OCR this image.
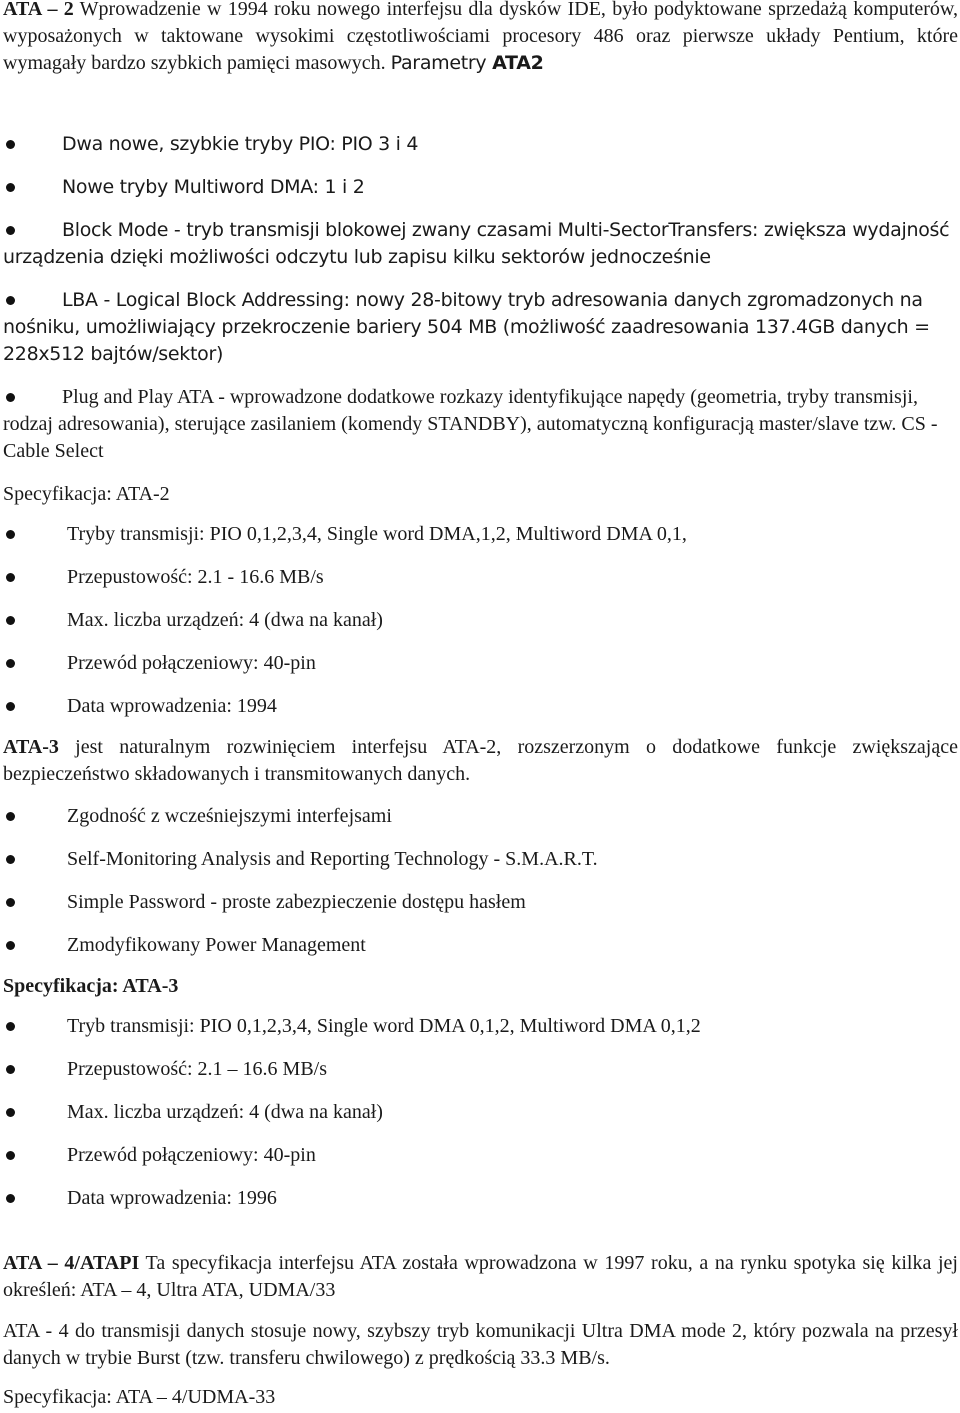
ATA – 2 Wprowadzenie w 1994 roku nowego interfejsu dla dysków IDE, było podyktowane sprzedażą komputerów, wyposażonych w taktowane wysokimi częstotliwościami procesory 486 oraz pierwsze układy Pentium, które wymagały bardzo szybkich pamięci masowych. Parametry ATA2

Dwa nowe, szybkie tryby PIO: PIO 3 i 4

Nowe tryby Multiword DMA: 1 i 2

Block Mode - tryb transmisji blokowej zwany czasami Multi-SectorTransfers: zwiększa wydajność urządzenia dzięki możliwości odczytu lub zapisu kilku sektorów jednocześnie

LBA - Logical Block Addressing: nowy 28-bitowy tryb adresowania danych zgromadzonych na nośniku, umożliwiający przekroczenie bariery 504 MB (możliwość zaadresowania 137.4GB danych = 228x512 bajtów/sektor)

Plug and Play ATA - wprowadzone dodatkowe rozkazy identyfikujące napędy (geometria, tryby transmisji, rodzaj adresowania), sterujące zasilaniem (komendy STANDBY), automatyczną konfiguracją master/slave tzw. CS - Cable Select

Specyfikacja: ATA-2

Tryby transmisji: PIO 0,1,2,3,4, Single word DMA,1,2, Multiword DMA 0,1,

Przepustowość: 2.1 - 16.6 MB/s

Max. liczba urządzeń: 4 (dwa na kanał)

Przewód połączeniowy: 40-pin

Data wprowadzenia: 1994

ATA-3 jest naturalnym rozwinięciem interfejsu ATA-2, rozszerzonym o dodatkowe funkcje zwiększające bezpieczeństwo składowanych i transmitowanych danych.

Zgodność z wcześniejszymi interfejsami

Self-Monitoring Analysis and Reporting Technology - S.M.A.R.T.

Simple Password - proste zabezpieczenie dostępu hasłem

Zmodyfikowany Power Management

Specyfikacja: ATA-3

Tryb transmisji: PIO 0,1,2,3,4, Single word DMA 0,1,2, Multiword DMA 0,1,2

Przepustowość: 2.1 – 16.6 MB/s

Max. liczba urządzeń: 4 (dwa na kanał)

Przewód połączeniowy: 40-pin

Data wprowadzenia: 1996

ATA – 4/ATAPI Ta specyfikacja interfejsu ATA została wprowadzona w 1997 roku, a na rynku spotyka się kilka jej określeń: ATA – 4, Ultra ATA, UDMA/33

ATA - 4 do transmisji danych stosuje nowy, szybszy tryb komunikacji Ultra DMA mode 2, który pozwala na przesył danych w trybie Burst (tzw. transferu chwilowego) z prędkością 33.3 MB/s.

Specyfikacja: ATA – 4/UDMA-33
